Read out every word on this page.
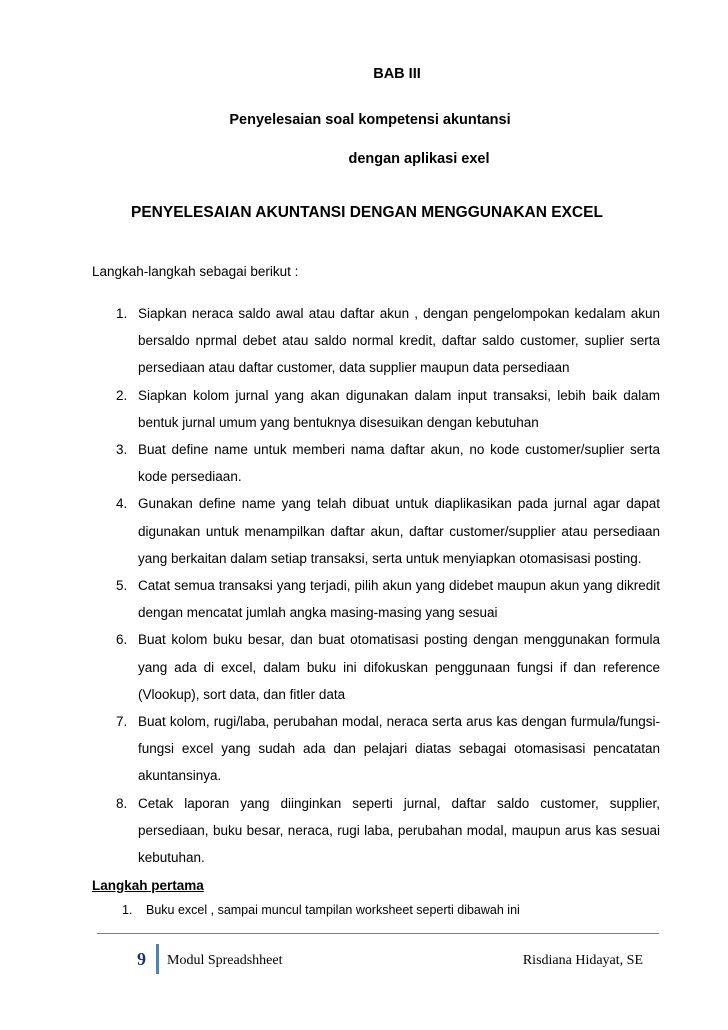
BAB III
Penyelesaian soal kompetensi akuntansi
dengan aplikasi exel
PENYELESAIAN AKUNTANSI DENGAN MENGGUNAKAN EXCEL
Langkah-langkah sebagai berikut :
1. Siapkan neraca saldo awal atau daftar akun , dengan pengelompokan kedalam akun bersaldo nprmal debet atau saldo normal kredit, daftar saldo customer, suplier serta persediaan atau daftar customer, data supplier maupun data persediaan
2. Siapkan kolom jurnal yang akan digunakan dalam input transaksi, lebih baik dalam bentuk jurnal umum yang bentuknya disesuikan dengan kebutuhan
3. Buat define name untuk memberi nama daftar akun, no kode customer/suplier serta kode persediaan.
4. Gunakan define name yang telah dibuat untuk diaplikasikan pada jurnal agar dapat digunakan untuk menampilkan daftar akun, daftar customer/supplier atau persediaan yang berkaitan dalam setiap transaksi, serta untuk menyiapkan otomasisasi posting.
5. Catat semua transaksi yang terjadi, pilih akun yang didebet maupun akun yang dikredit dengan mencatat jumlah angka masing-masing yang sesuai
6. Buat kolom buku besar, dan buat otomatisasi posting dengan menggunakan formula yang ada di excel, dalam buku ini difokuskan penggunaan fungsi if dan reference (Vlookup), sort data, dan fitler data
7. Buat kolom, rugi/laba, perubahan modal, neraca serta arus kas dengan furmula/fungsi-fungsi excel yang sudah ada dan pelajari diatas sebagai otomasisasi pencatatan akuntansinya.
8. Cetak laporan yang diinginkan seperti jurnal, daftar saldo customer, supplier, persediaan, buku besar, neraca, rugi laba, perubahan modal, maupun arus kas sesuai kebutuhan.
Langkah pertama
1. Buku excel , sampai muncul tampilan worksheet seperti dibawah ini
9 Modul Spreadshheet	Risdiana Hidayat, SE
